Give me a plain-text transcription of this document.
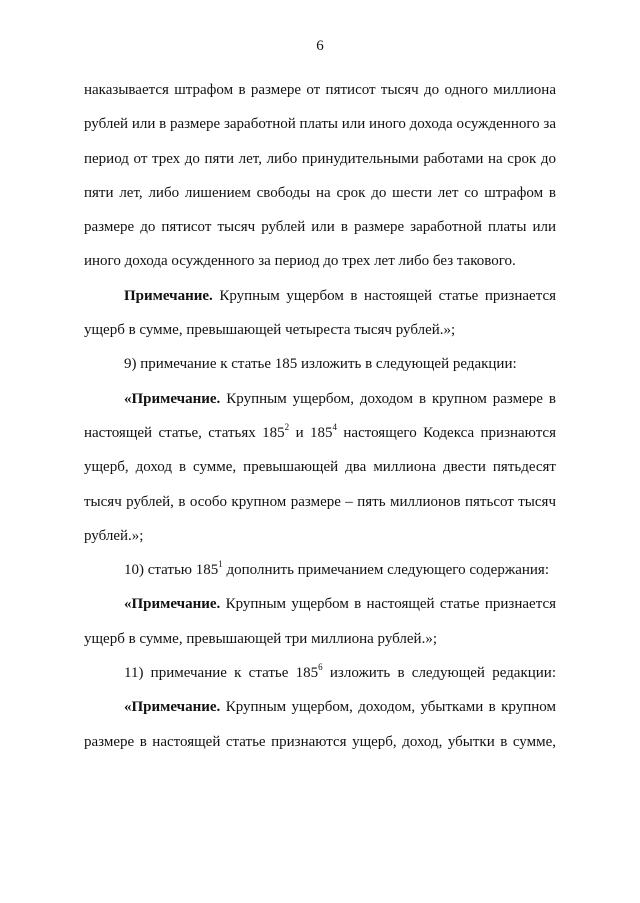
6

наказывается штрафом в размере от пятисот тысяч до одного миллиона рублей или в размере заработной платы или иного дохода осужденного за период от трех до пяти лет, либо принудительными работами на срок до пяти лет, либо лишением свободы на срок до шести лет со штрафом в размере до пятисот тысяч рублей или в размере заработной платы или иного дохода осужденного за период до трех лет либо без такового.

Примечание. Крупным ущербом в настоящей статье признается ущерб в сумме, превышающей четыреста тысяч рублей.»;

9) примечание к статье 185 изложить в следующей редакции:

«Примечание. Крупным ущербом, доходом в крупном размере в настоящей статье, статьях $185^2$ и $185^4$ настоящего Кодекса признаются ущерб, доход в сумме, превышающей два миллиона двести пятьдесят тысяч рублей, в особо крупном размере – пять миллионов пятьсот тысяч рублей.»;

10) статью $185^1$ дополнить примечанием следующего содержания:

«Примечание. Крупным ущербом в настоящей статье признается ущерб в сумме, превышающей три миллиона рублей.»;

11) примечание к статье $185^6$ изложить в следующей редакции:

«Примечание. Крупным ущербом, доходом, убытками в крупном размере в настоящей статье признаются ущерб, доход, убытки в сумме,
